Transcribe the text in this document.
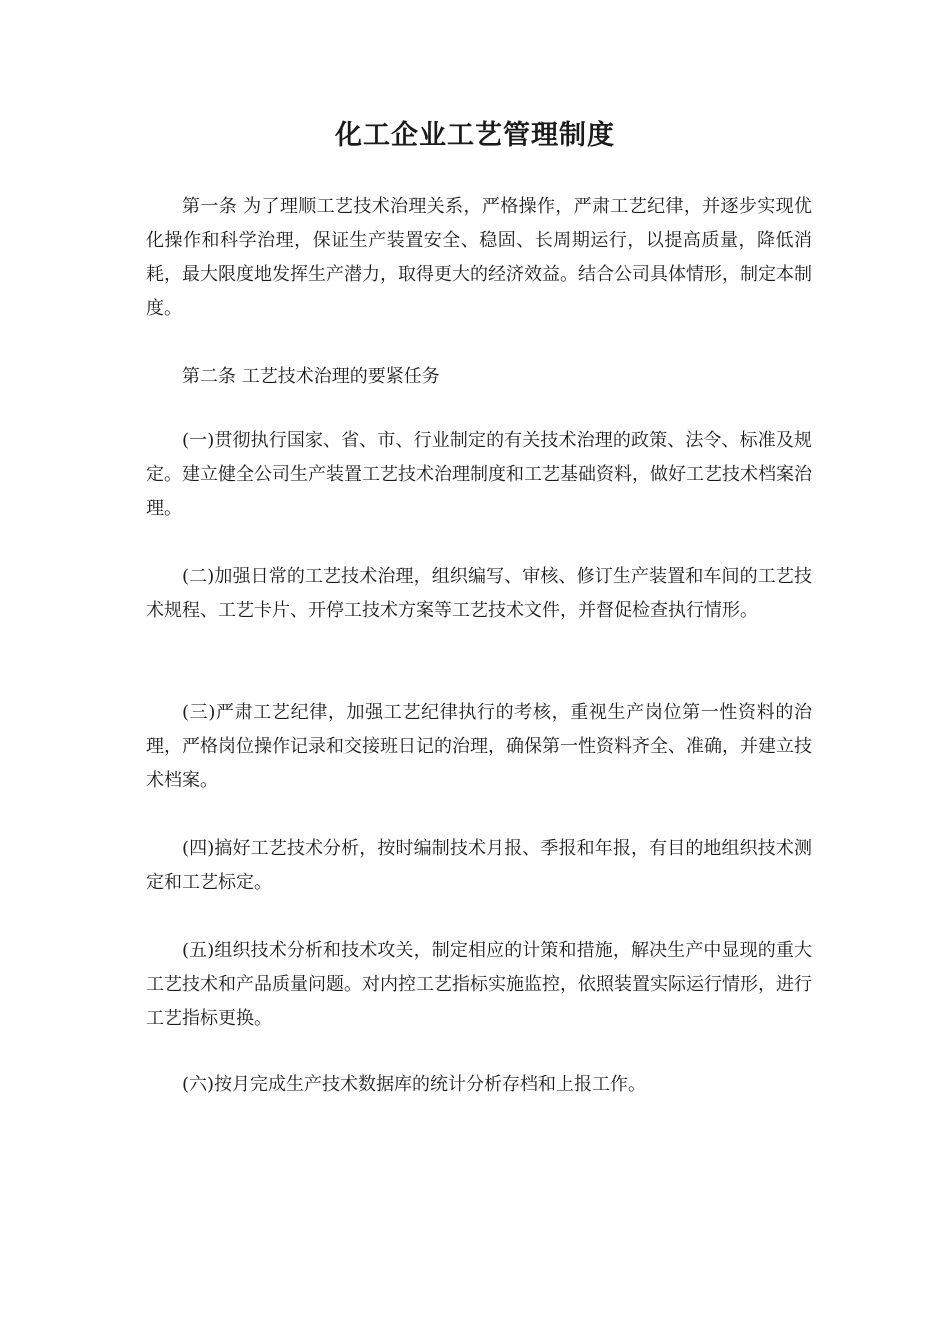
化工企业工艺管理制度

第一条 为了理顺工艺技术治理关系，严格操作，严肃工艺纪律，并逐步实现优化操作和科学治理，保证生产装置安全、稳固、长周期运行，以提高质量，降低消耗，最大限度地发挥生产潜力，取得更大的经济效益。结合公司具体情形，制定本制度。

第二条 工艺技术治理的要紧任务

(一)贯彻执行国家、省、市、行业制定的有关技术治理的政策、法令、标准及规定。建立健全公司生产装置工艺技术治理制度和工艺基础资料，做好工艺技术档案治理。

(二)加强日常的工艺技术治理，组织编写、审核、修订生产装置和车间的工艺技术规程、工艺卡片、开停工技术方案等工艺技术文件，并督促检查执行情形。

(三)严肃工艺纪律，加强工艺纪律执行的考核，重视生产岗位第一性资料的治理，严格岗位操作记录和交接班日记的治理，确保第一性资料齐全、准确，并建立技术档案。

(四)搞好工艺技术分析，按时编制技术月报、季报和年报，有目的地组织技术测定和工艺标定。

(五)组织技术分析和技术攻关，制定相应的计策和措施，解决生产中显现的重大工艺技术和产品质量问题。对内控工艺指标实施监控，依照装置实际运行情形，进行工艺指标更换。

(六)按月完成生产技术数据库的统计分析存档和上报工作。
